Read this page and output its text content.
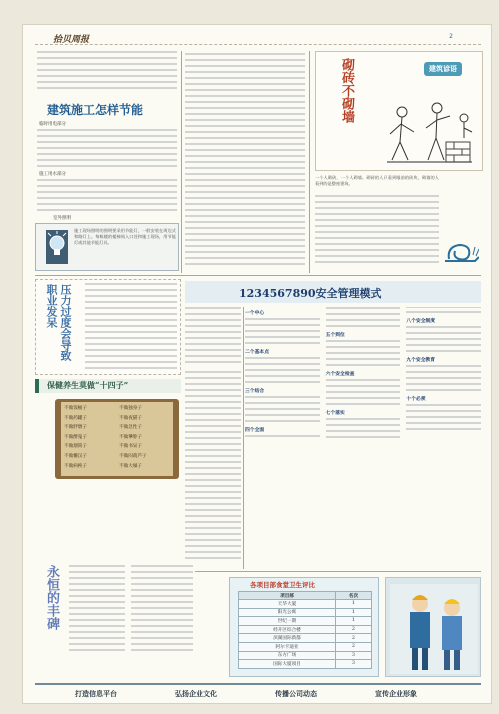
拾贝周报	2
建筑施工怎样节能
临时用电部分
施工用水部分
室外照明
施工现场照明的照明要采用节能灯，一般安装在周边式和路灯上。每栋楼的楼梯间入口处和施工现场，用节能灯或其他节能灯具。
砌砖不砌墙	建筑谚语
一个人砌砖，一个人砌墙。砌砖的人只看到眼前的砖块，砌墙的人看到的是整座建筑。
压力过度会导致职业发呆
保健养生莫做“十四子”
不做饭桶子
不做药罐子
不做胖墩子
不做醉鬼子
不做烟筒子
不做懒汉子
不做病秧子
不做独身子
不做夜猫子
不做急性子
不做犟脖子
不做书呆子
不做闷葫芦子
不做大嗓子
永恒的丰碑
1234567890安全管理模式
一个中心
二个基本点
三个结合
四个全面
五个到位
六个安全检查
七个落实
八个安全制度
九个安全教育
十个必须
各项目部食堂卫生评比
项目部	名次
天华大厦	1
阳光公寓	1
世纪一期	1
经开区综合楼	2
滨湖国际新都	2
阿尔卡迪亚	2
东方广场	3
国际大厦项目	3
打造信息平台	弘扬企业文化	传播公司动态	宣传企业形象
